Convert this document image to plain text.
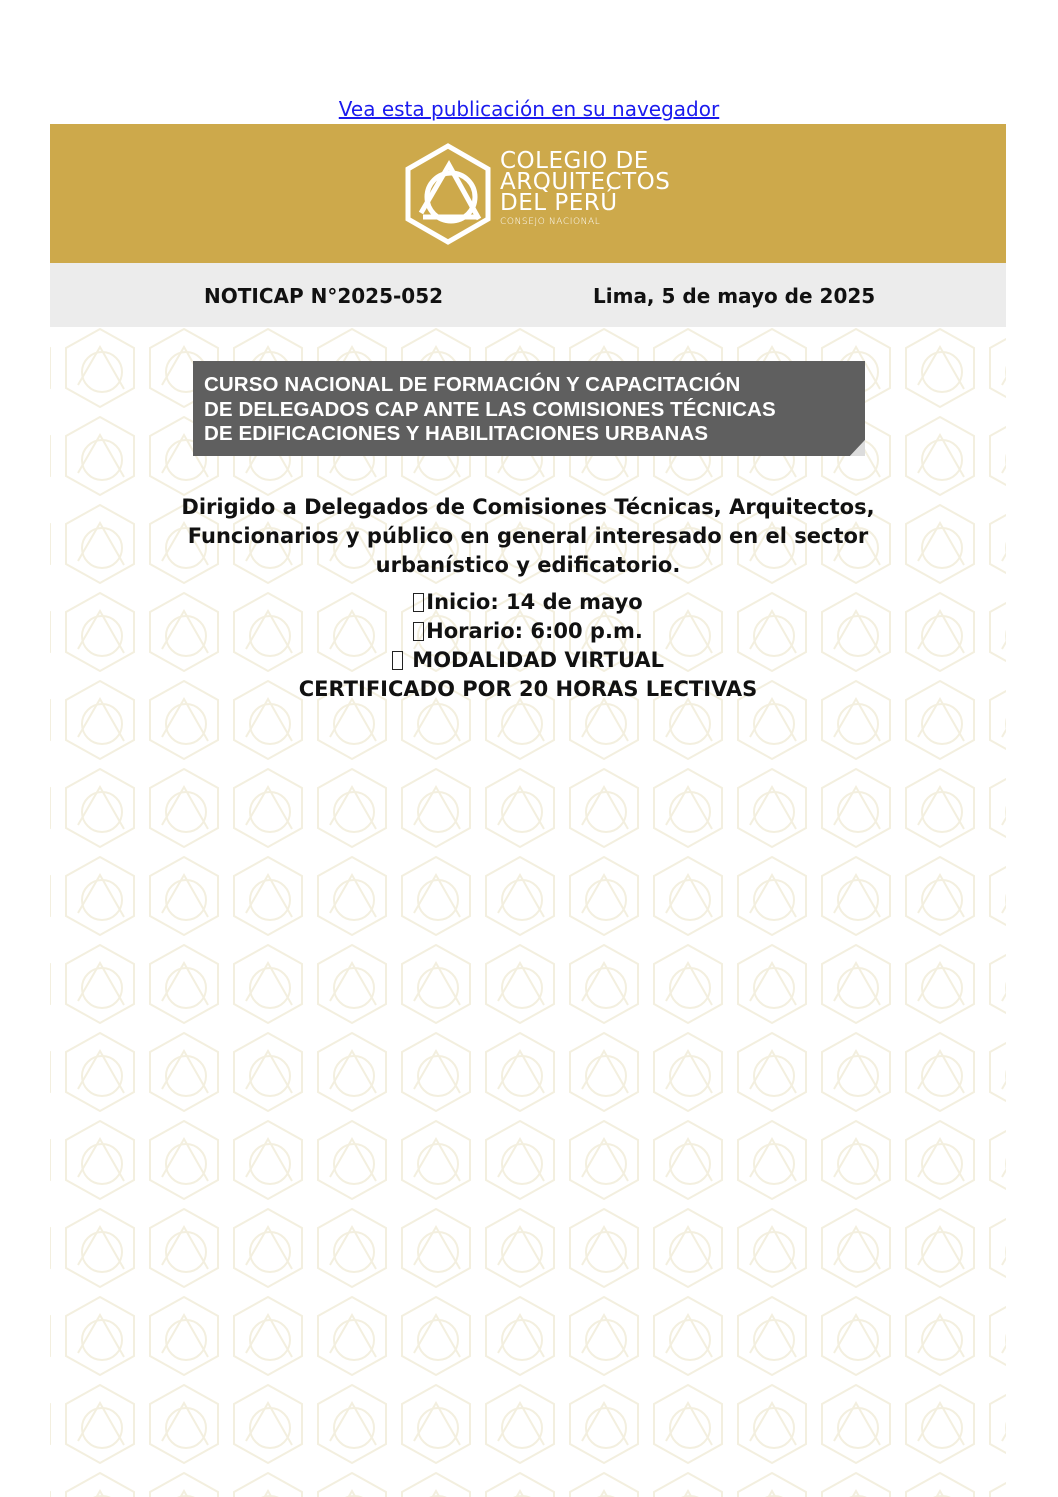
Vea esta publicación en su navegador
COLEGIO DE
ARQUITECTOS
DEL PERÚ
CONSEJO NACIONAL
NOTICAP N°2025-052	Lima, 5 de mayo de 2025
CURSO NACIONAL DE FORMACIÓN Y CAPACITACIÓN
DE DELEGADOS CAP ANTE LAS COMISIONES TÉCNICAS
DE EDIFICACIONES Y HABILITACIONES URBANAS
Dirigido a Delegados de Comisiones Técnicas, Arquitectos,
Funcionarios y público en general interesado en el sector
urbanístico y edificatorio.
Inicio: 14 de mayo
Horario: 6:00 p.m.
MODALIDAD VIRTUAL
CERTIFICADO POR 20 HORAS LECTIVAS
